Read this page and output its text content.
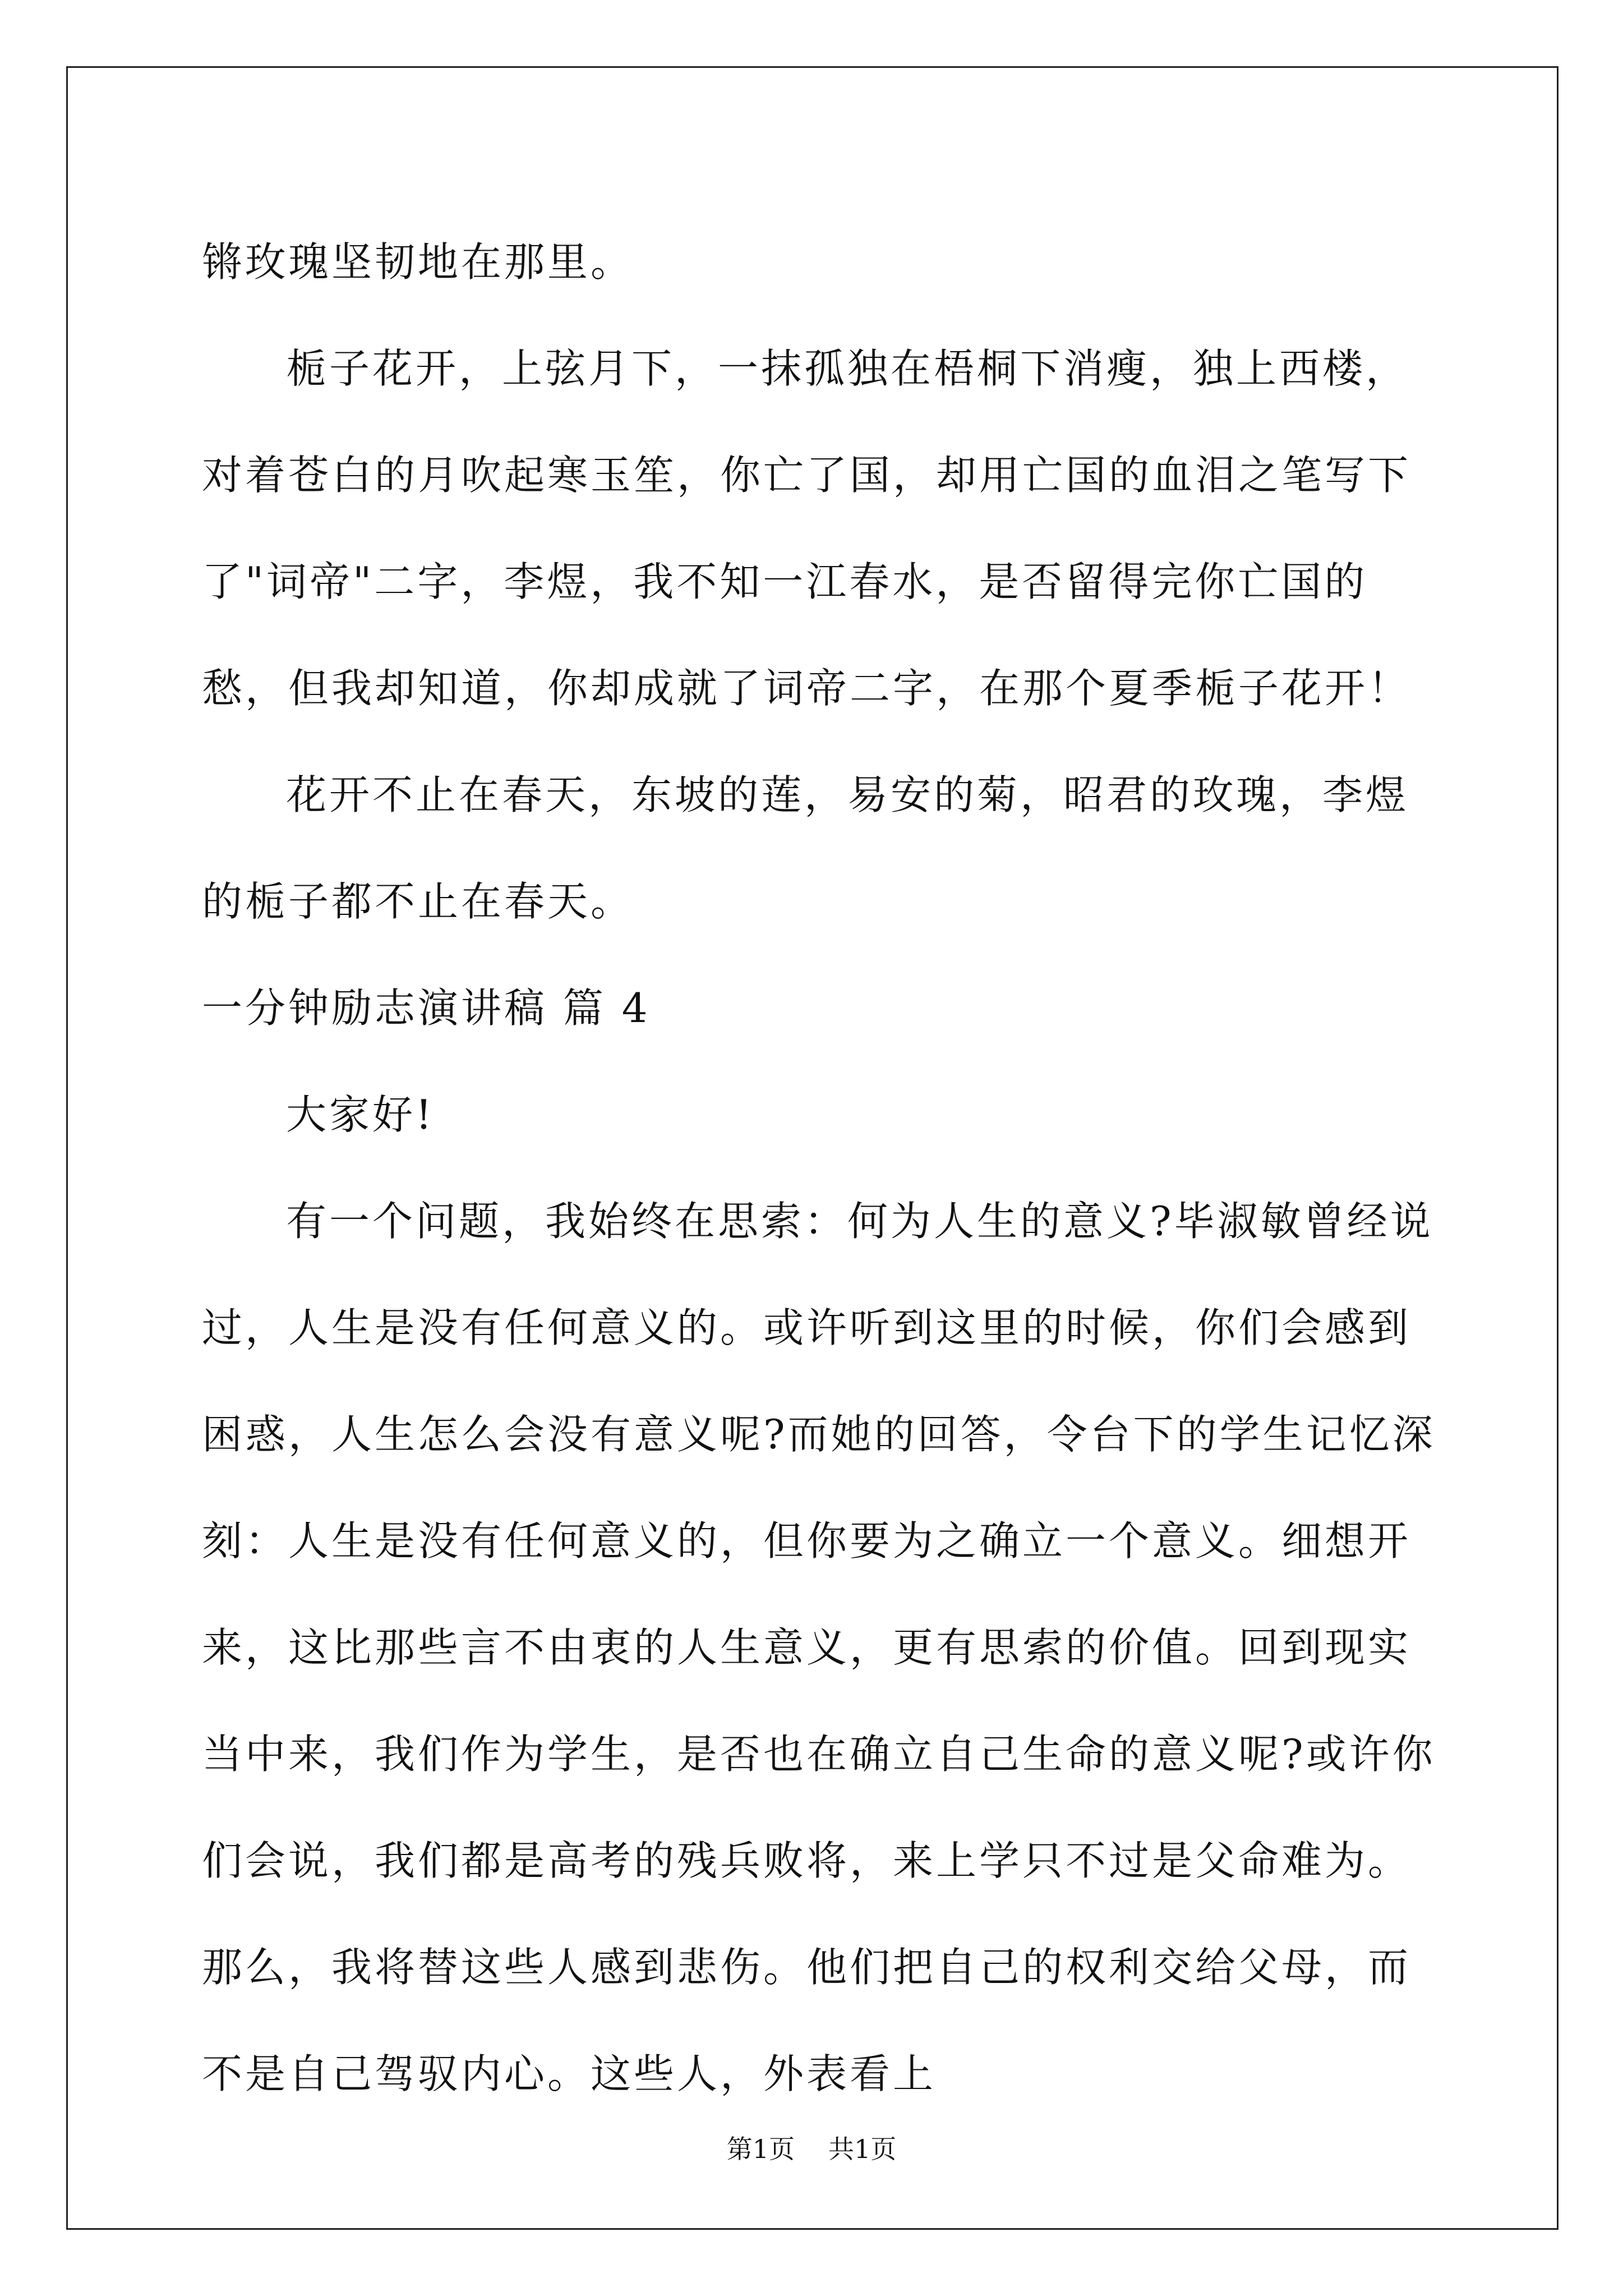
锵玫瑰坚韧地在那里。

栀子花开，上弦月下，一抹孤独在梧桐下消瘦，独上西楼，对着苍白的月吹起寒玉笙，你亡了国，却用亡国的血泪之笔写下了"词帝"二字，李煜，我不知一江春水，是否留得完你亡国的愁，但我却知道，你却成就了词帝二字，在那个夏季栀子花开！

花开不止在春天，东坡的莲，易安的菊，昭君的玫瑰，李煜的栀子都不止在春天。

一分钟励志演讲稿 篇 4

大家好!

有一个问题，我始终在思索：何为人生的意义?毕淑敏曾经说过，人生是没有任何意义的。或许听到这里的时候，你们会感到困惑，人生怎么会没有意义呢?而她的回答，令台下的学生记忆深刻：人生是没有任何意义的，但你要为之确立一个意义。细想开来，这比那些言不由衷的人生意义，更有思索的价值。回到现实当中来，我们作为学生，是否也在确立自己生命的意义呢?或许你们会说，我们都是高考的残兵败将，来上学只不过是父命难为。那么，我将替这些人感到悲伤。他们把自己的权利交给父母，而不是自己驾驭内心。这些人，外表看上

第1页 共1页
